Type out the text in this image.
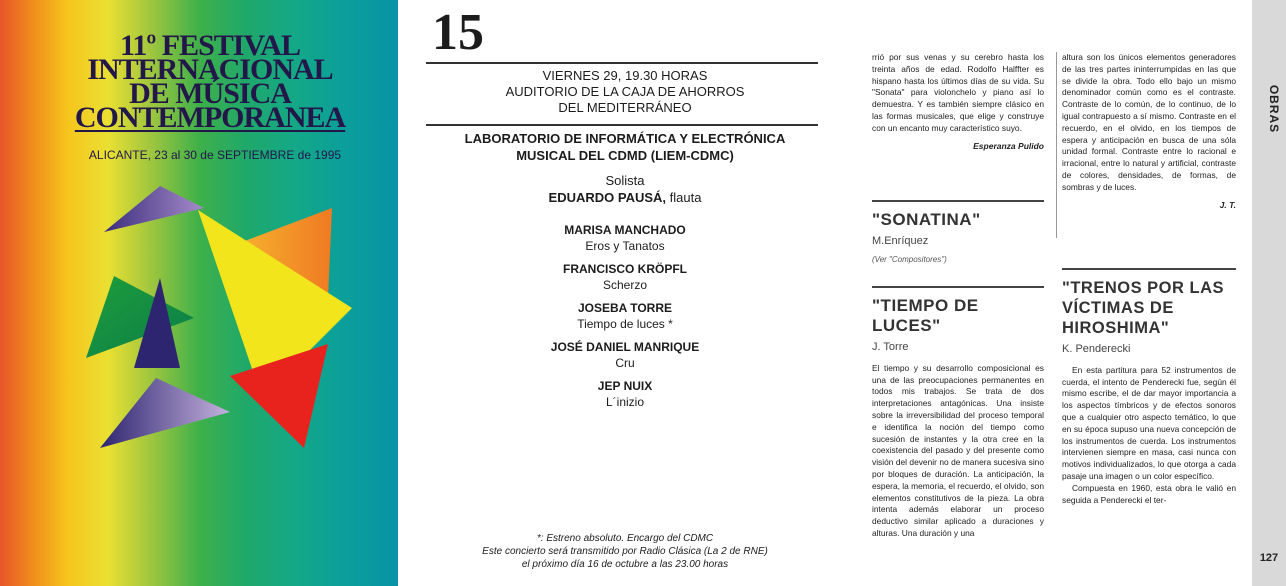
11º FESTIVAL
INTERNACIONAL
DE MÚSICA
CONTEMPORANEA
ALICANTE, 23 al 30 de SEPTIEMBRE de 1995
15
VIERNES 29, 19.30 HORAS
AUDITORIO DE LA CAJA DE AHORROS
DEL MEDITERRÁNEO
LABORATORIO DE INFORMÁTICA Y ELECTRÓNICA
MUSICAL DEL CDMD (LIEM-CDMC)
Solista
EDUARDO PAUSÁ, flauta
MARISA MANCHADO
Eros y Tanatos
FRANCISCO KRÖPFL
Scherzo
JOSEBA TORRE
Tiempo de luces *
JOSÉ DANIEL MANRIQUE
Cru
JEP NUIX
L´inizio
*: Estreno absoluto. Encargo del CDMC
Este concierto será transmitido por Radio Clásica (La 2 de RNE)
el próximo día 16 de octubre a las 23.00 horas

rrió por sus venas y su cerebro hasta los treinta años de edad. Rodolfo Halffter es hispano hasta los últimos días de su vida. Su "Sonata" para violonchelo y piano así lo demuestra. Y es también siempre clásico en las formas musicales, que elige y construye con un encanto muy característico suyo.

Esperanza Pulido
"SONATINA"
M.Enríquez
(Ver "Compositores")
"TIEMPO DE LUCES"
J. Torre

El tiempo y su desarrollo composicional es una de las preocupaciones permanentes en todos mis trabajos. Se trata de dos interpretaciones antagónicas. Una insiste sobre la irreversibilidad del proceso temporal e identifica la noción del tiempo como sucesión de instantes y la otra cree en la coexistencia del pasado y del presente como visión del devenir no de manera sucesiva sino por bloques de duración. La anticipación, la espera, la memoria, el recuerdo, el olvido, son elementos constitutivos de la pieza. La obra intenta además elaborar un proceso deductivo similar aplicado a duraciones y alturas. Una duración y una

altura son los únicos elementos generadores de las tres partes ininterrumpidas en las que se divide la obra. Todo ello bajo un mismo denominador común como es el contraste. Contraste de lo común, de lo continuo, de lo igual contrapuesto a sí mismo. Contraste en el recuerdo, en el olvido, en los tiempos de espera y anticipación en busca de una sóla unidad formal. Contraste entre lo racional e irracional, entre lo natural y artificial, contraste de colores, densidades, de formas, de sombras y de luces.

J. T.
"TRENOS POR LAS
VÍCTIMAS DE
HIROSHIMA"
K. Penderecki

En esta partitura para 52 instrumentos de cuerda, el intento de Penderecki fue, según él mismo escribe, el de dar mayor importancia a los aspectos tímbricos y de efectos sonoros que a cualquier otro aspecto temático, lo que en su época supuso una nueva concepción de los instrumentos de cuerda. Los instrumentos intervienen siempre en masa, casi nunca con motivos individualizados, lo que otorga a cada pasaje una imagen o un color específico.

Compuesta en 1960, esta obra le valió en seguida a Penderecki el ter-

OBRAS
127
